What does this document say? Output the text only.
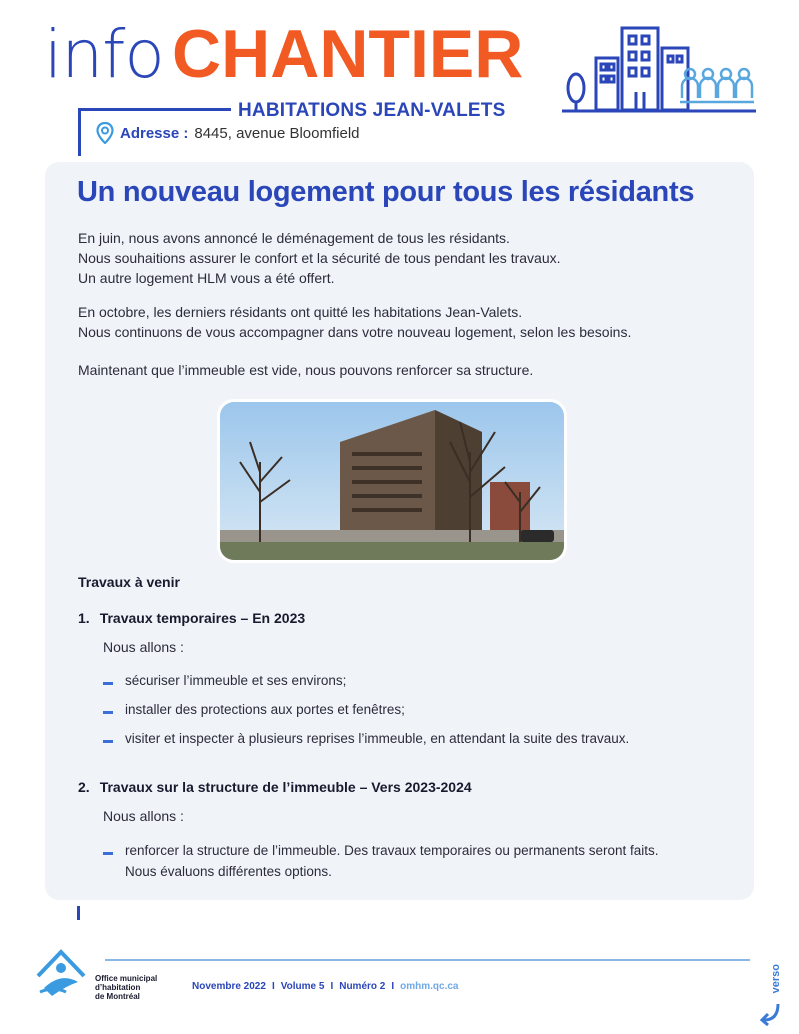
info CHANTIER
HABITATIONS JEAN-VALETS
Adresse : 8445, avenue Bloomfield
Un nouveau logement pour tous les résidants

En juin, nous avons annoncé le déménagement de tous les résidants.

Nous souhaitions assurer le confort et la sécurité de tous pendant les travaux.

Un autre logement HLM vous a été offert.

En octobre, les derniers résidants ont quitté les habitations Jean-Valets.

Nous continuons de vous accompagner dans votre nouveau logement, selon les besoins.

Maintenant que l’immeuble est vide, nous pouvons renforcer sa structure.

Travaux à venir
1. Travaux temporaires – En 2023
Nous allons :
sécuriser l’immeuble et ses environs;
installer des protections aux portes et fenêtres;
visiter et inspecter à plusieurs reprises l’immeuble, en attendant la suite des travaux.
2. Travaux sur la structure de l’immeuble – Vers 2023-2024
Nous allons :
renforcer la structure de l’immeuble. Des travaux temporaires ou permanents seront faits.
Nous évaluons différentes options.
Office municipal
d’habitation
de Montréal
Novembre 2022 I Volume 5 I Numéro 2 I omhm.qc.ca	verso
